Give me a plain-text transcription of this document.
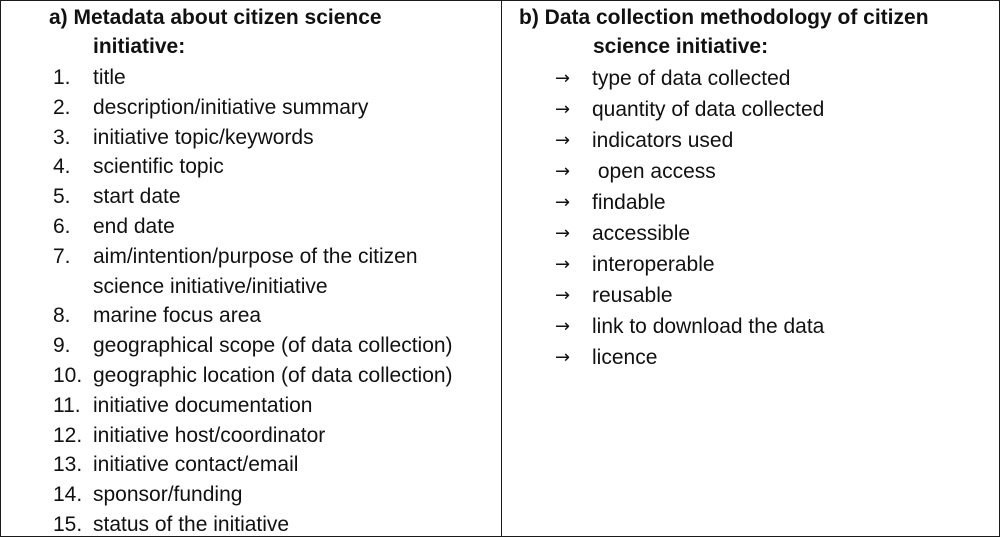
a) Metadata about citizen science
initiative:
1.	title
2.	description/initiative summary
3.	initiative topic/keywords
4.	scientific topic
5.	start date
6.	end date
7.	aim/intention/purpose of the citizen
science initiative/initiative
8.	marine focus area
9.	geographical scope (of data collection)
10. geographic location (of data collection)
11. initiative documentation
12. initiative host/coordinator
13. initiative contact/email
14. sponsor/funding
15. status of the initiative
b) Data collection methodology of citizen
science initiative:
→ type of data collected
→ quantity of data collected
→ indicators used
→ open access
→ findable
→ accessible
→ interoperable
→ reusable
→ link to download the data
→ licence
